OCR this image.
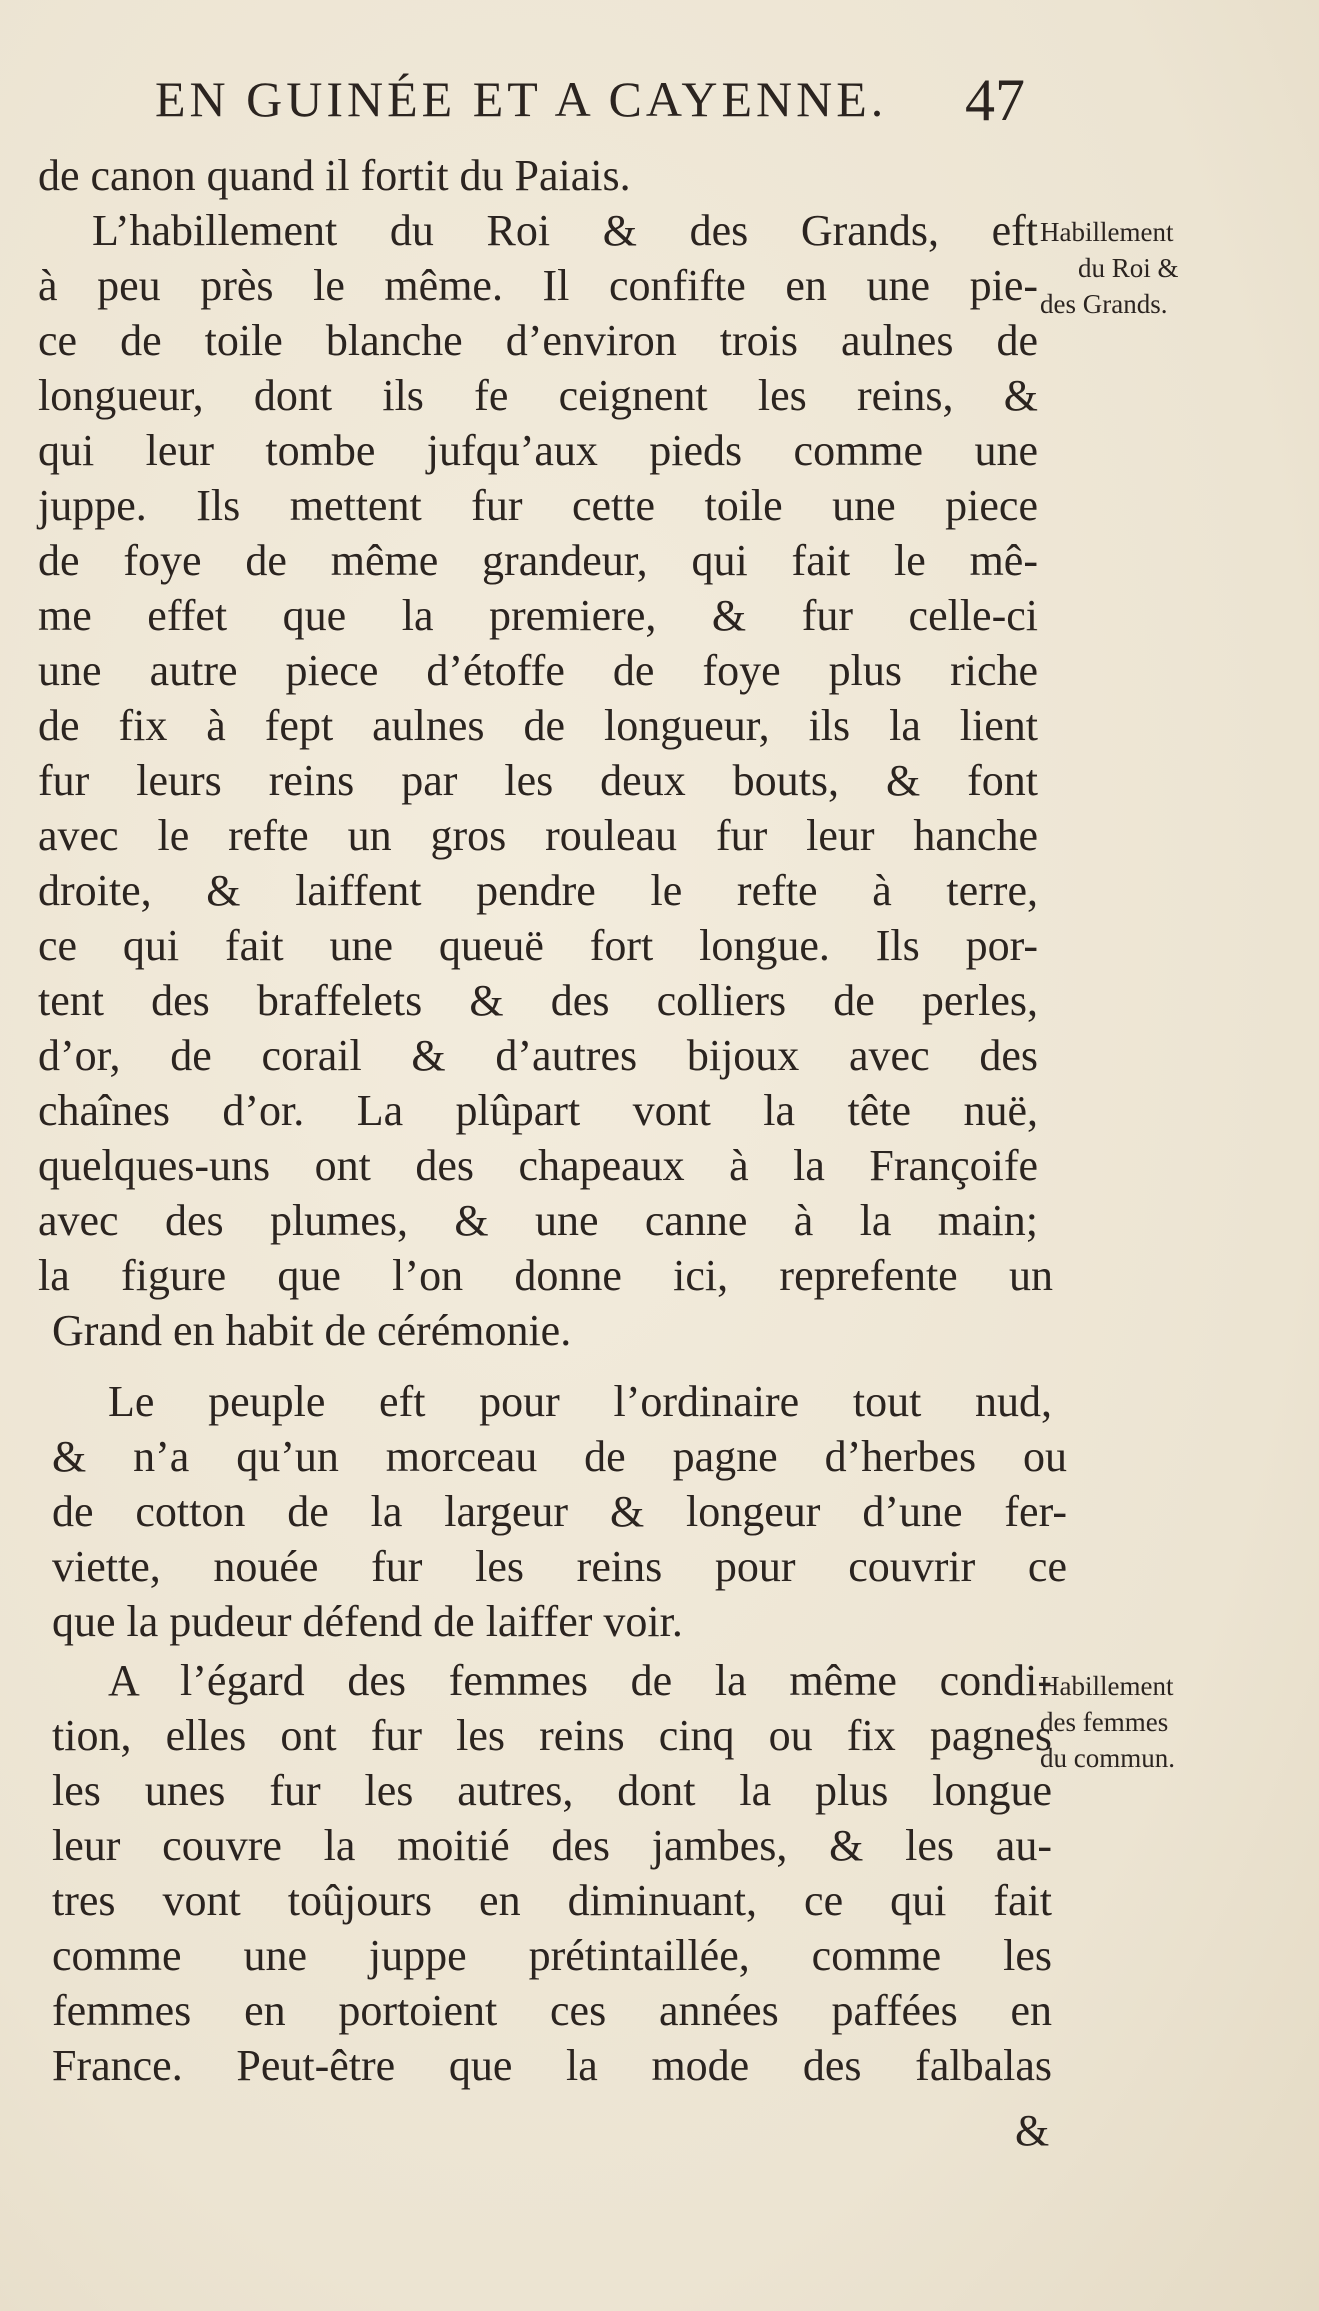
EN GUINÉE ET A CAYENNE. 47
de canon quand il fortit du Paiais.
L’habillement du Roi & des Grands, eft
à peu près le même. Il confifte en une pie-
ce de toile blanche d’environ trois aulnes de
longueur, dont ils fe ceignent les reins, &
qui leur tombe jufqu’aux pieds comme une
juppe. Ils mettent fur cette toile une piece
de foye de même grandeur, qui fait le mê-
me effet que la premiere, & fur celle-ci
une autre piece d’étoffe de foye plus riche
de fix à fept aulnes de longueur, ils la lient
fur leurs reins par les deux bouts, & font
avec le refte un gros rouleau fur leur hanche
droite, & laiffent pendre le refte à terre,
ce qui fait une queuë fort longue. Ils por-
tent des braffelets & des colliers de perles,
d’or, de corail & d’autres bijoux avec des
chaînes d’or. La plûpart vont la tête nuë,
quelques-uns ont des chapeaux à la Françoife
avec des plumes, & une canne à la main;
la figure que l’on donne ici, reprefente un
Grand en habit de cérémonie.
Le peuple eft pour l’ordinaire tout nud,
& n’a qu’un morceau de pagne d’herbes ou
de cotton de la largeur & longeur d’une fer-
viette, nouée fur les reins pour couvrir ce
que la pudeur défend de laiffer voir.
A l’égard des femmes de la même condi-
tion, elles ont fur les reins cinq ou fix pagnes
les unes fur les autres, dont la plus longue
leur couvre la moitié des jambes, & les au-
tres vont toûjours en diminuant, ce qui fait
comme une juppe prétintaillée, comme les
femmes en portoient ces années paffées en
France. Peut-être que la mode des falbalas
&
Habillement
du Roi &
des Grands.
Habillement
des femmes
du commun.
